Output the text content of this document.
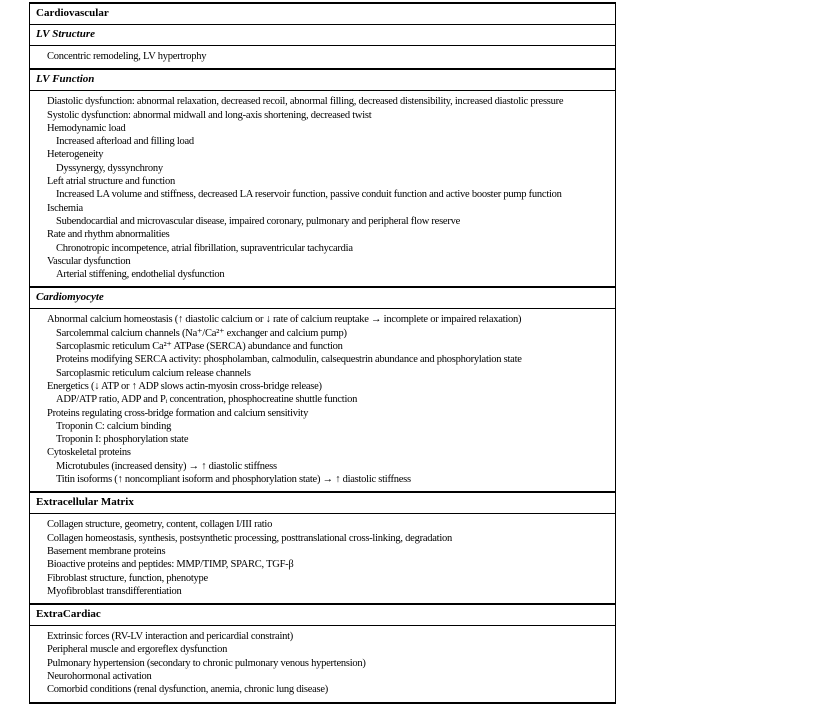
Cardiovascular
LV Structure
Concentric remodeling, LV hypertrophy
LV Function
Diastolic dysfunction: abnormal relaxation, decreased recoil, abnormal filling, decreased distensibility, increased diastolic pressure
Systolic dysfunction: abnormal midwall and long-axis shortening, decreased twist
Hemodynamic load
Increased afterload and filling load
Heterogeneity
Dyssynergy, dyssynchrony
Left atrial structure and function
Increased LA volume and stiffness, decreased LA reservoir function, passive conduit function and active booster pump function
Ischemia
Subendocardial and microvascular disease, impaired coronary, pulmonary and peripheral flow reserve
Rate and rhythm abnormalities
Chronotropic incompetence, atrial fibrillation, supraventricular tachycardia
Vascular dysfunction
Arterial stiffening, endothelial dysfunction
Cardiomyocyte
Abnormal calcium homeostasis (↑ diastolic calcium or ↓ rate of calcium reuptake → incomplete or impaired relaxation)
Sarcolemmal calcium channels (Na⁺/Ca²⁺ exchanger and calcium pump)
Sarcoplasmic reticulum Ca²⁺ ATPase (SERCA) abundance and function
Proteins modifying SERCA activity: phospholamban, calmodulin, calsequestrin abundance and phosphorylation state
Sarcoplasmic reticulum calcium release channels
Energetics (↓ ATP or ↑ ADP slows actin-myosin cross-bridge release)
ADP/ATP ratio, ADP and Pᵢ concentration, phosphocreatine shuttle function
Proteins regulating cross-bridge formation and calcium sensitivity
Troponin C: calcium binding
Troponin I: phosphorylation state
Cytoskeletal proteins
Microtubules (increased density) → ↑ diastolic stiffness
Titin isoforms (↑ noncompliant isoform and phosphorylation state) → ↑ diastolic stiffness
Extracellular Matrix
Collagen structure, geometry, content, collagen I/III ratio
Collagen homeostasis, synthesis, postsynthetic processing, posttranslational cross-linking, degradation
Basement membrane proteins
Bioactive proteins and peptides: MMP/TIMP, SPARC, TGF-β
Fibroblast structure, function, phenotype
Myofibroblast transdifferentiation
ExtraCardiac
Extrinsic forces (RV-LV interaction and pericardial constraint)
Peripheral muscle and ergoreflex dysfunction
Pulmonary hypertension (secondary to chronic pulmonary venous hypertension)
Neurohormonal activation
Comorbid conditions (renal dysfunction, anemia, chronic lung disease)
